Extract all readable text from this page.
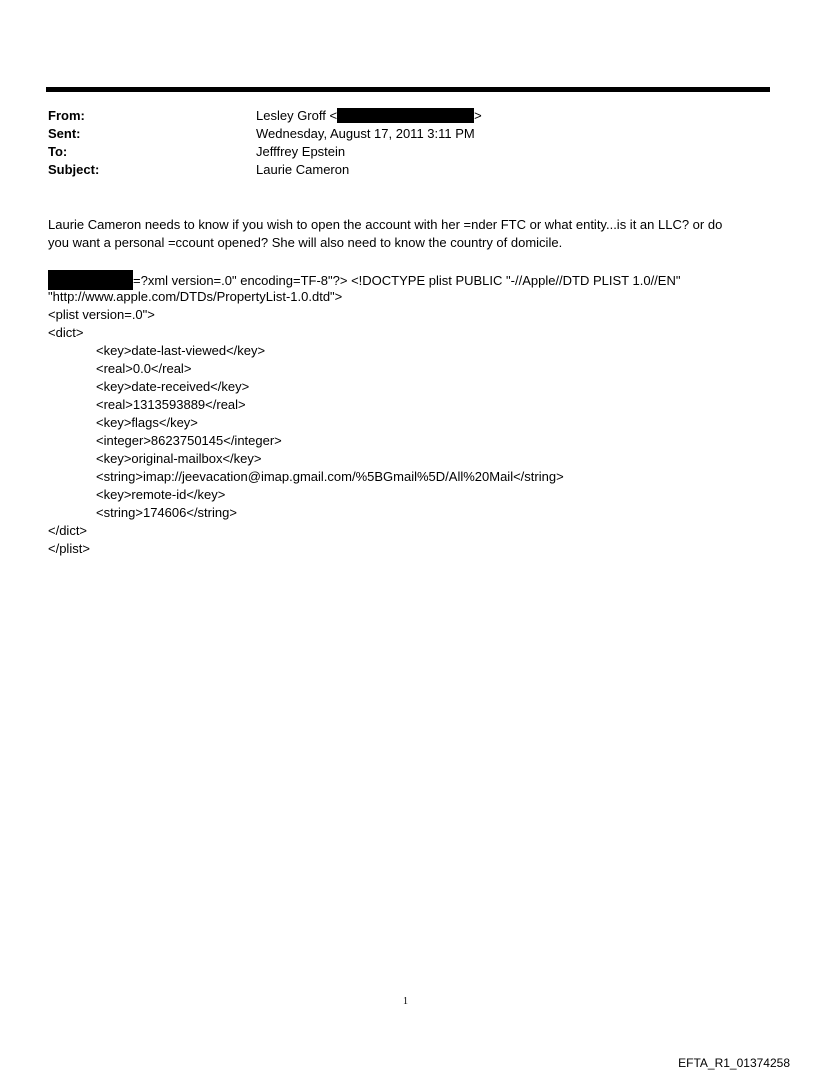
From:
Sent:
To:
Subject:
Lesley Groff <	>
Wednesday, August 17, 2011 3:11 PM
Jefffrey Epstein
Laurie Cameron
Laurie Cameron needs to know if you wish to open the account with her =nder FTC or what entity...is it an LLC? or do
you want a personal =ccount opened? She will also need to know the country of domicile.
=?xml version=.0" encoding=TF-8"?> <!DOCTYPE plist PUBLIC "-//Apple//DTD PLIST 1.0//EN"
"http://www.apple.com/DTDs/PropertyList-1.0.dtd">
<plist version=.0">
<dict>
<key>date-last-viewed</key>
<real>0.0</real>
<key>date-received</key>
<real>1313593889</real>
<key>flags</key>
<integer>8623750145</integer>
<key>original-mailbox</key>
<string>imap://jeevacation@imap.gmail.com/%5BGmail%5D/All%20Mail</string>
<key>remote-id</key>
<string>174606</string>
</dict>
</plist>
1
EFTA_R1_01374258
